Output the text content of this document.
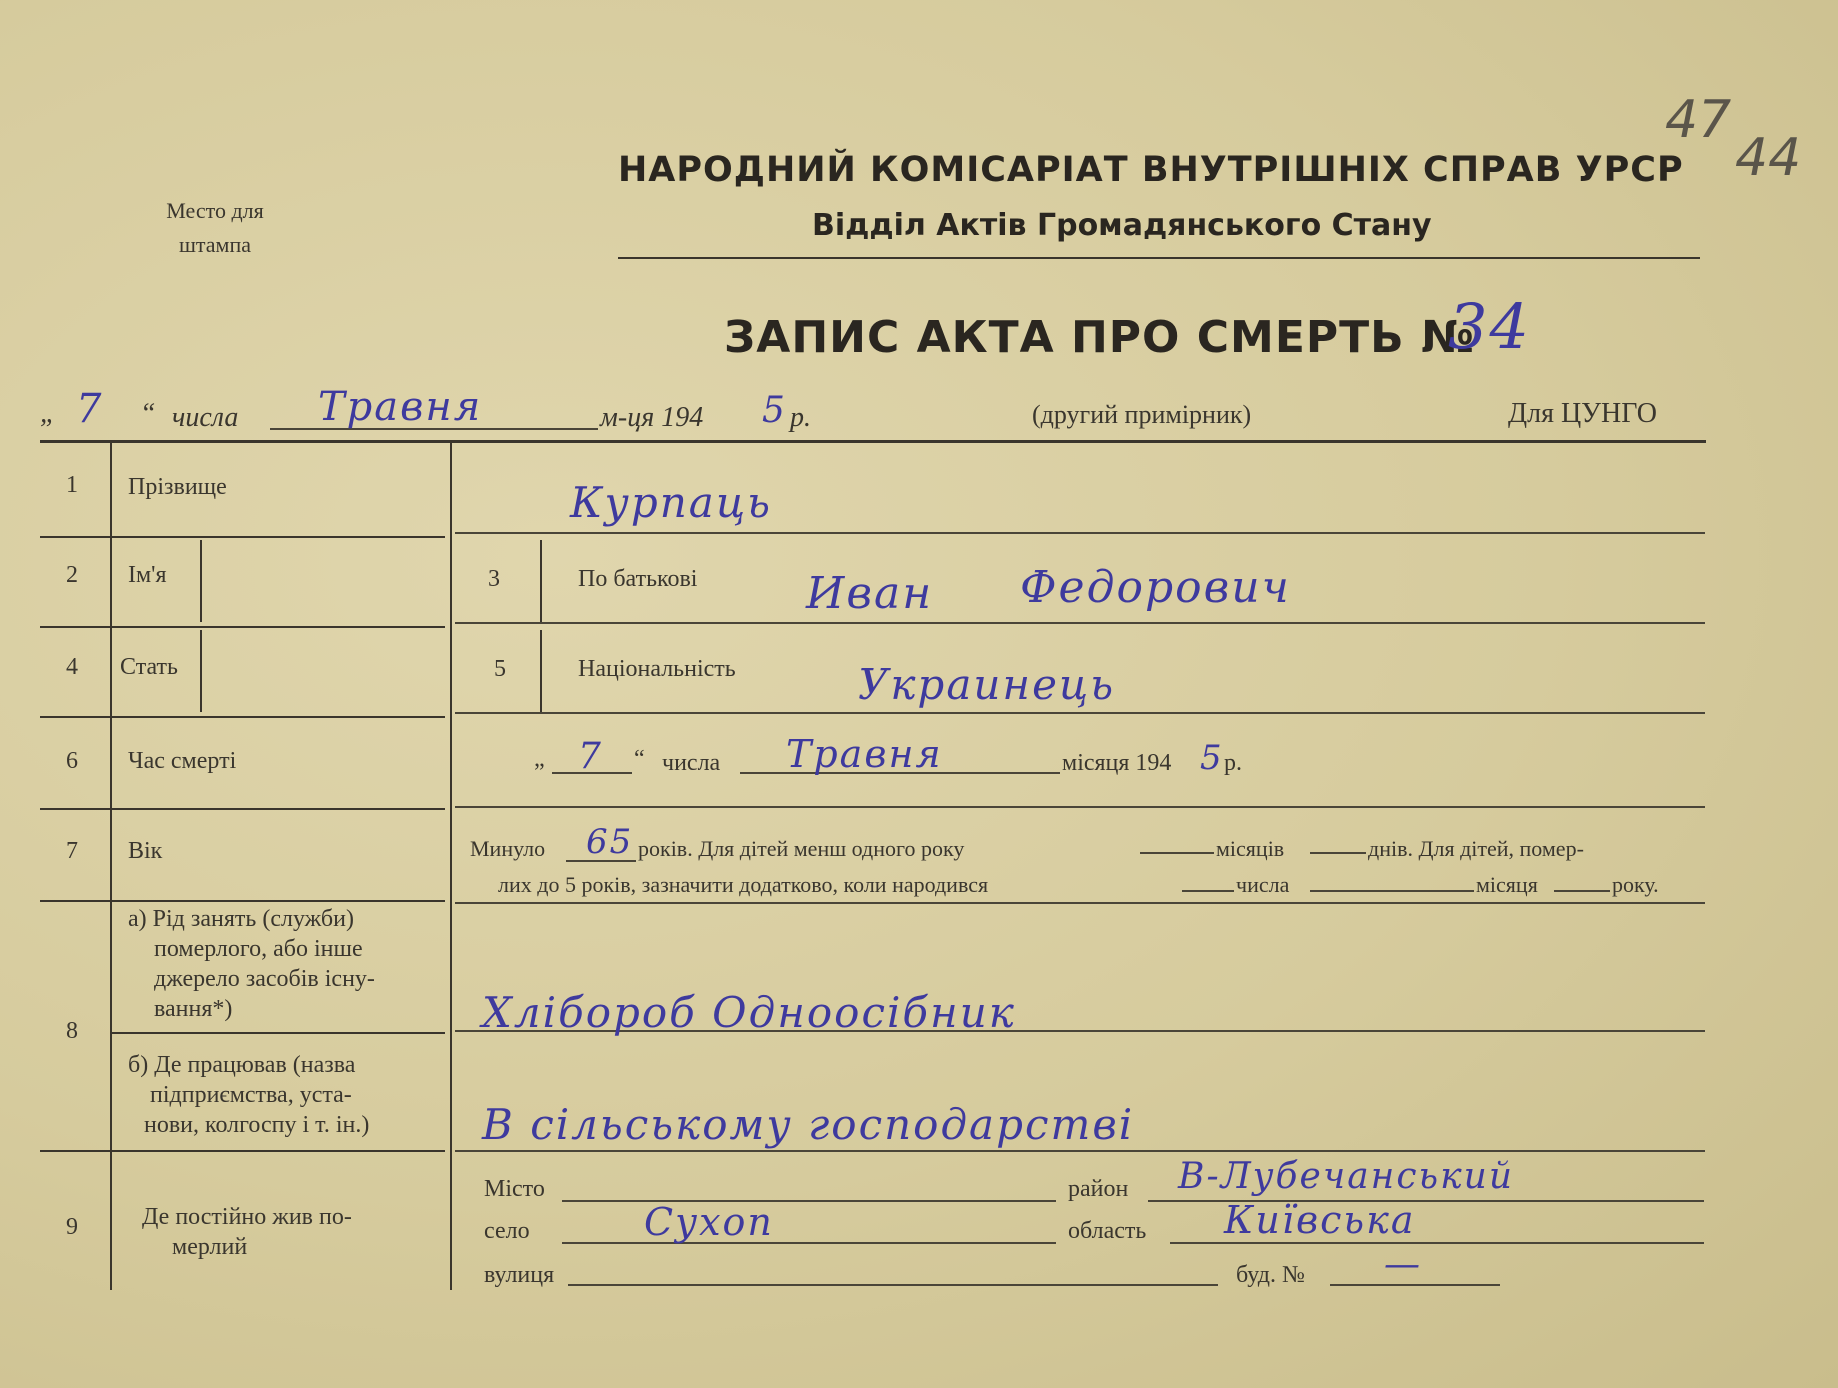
Место для
штампа
НАРОДНИЙ КОМІСАРІАТ ВНУТРІШНІХ СПРАВ УРСР
Відділ Актів Громадянського Стану
47
44
ЗАПИС АКТА ПРО СМЕРТЬ №
34
„ 7 “ числа Травня	м-ця 194 5 р.	(другий примірник)	Для ЦУНГО
1 Прізвище	Курпаць
2 Ім'я	3	По батькові Иван Федорович
4 Стать	5	Національність	Украинець
6 Час смерті	„ 7 “ числа Травня	місяця 194 5 р.
7 Вік	Минуло 65 років. Для дітей менш одного року	місяців	днів. Для дітей, помер-
лих до 5 років, зазначити додатково, коли народився	числа	місяця	року.
8
а) Рід занять (служби)
померлого, або інше
джерело засобів існу-
вання*)	Хлібороб Одноосібник
б) Де працював (назва
підприємства, уста-
нови, колгоспу і т. ін.)	В сільському господарстві
9	Де постійно жив по-
мерлий
Місто	район В-Лубечанський
село	Сухоп	область Київська
вулиця	буд. № —
